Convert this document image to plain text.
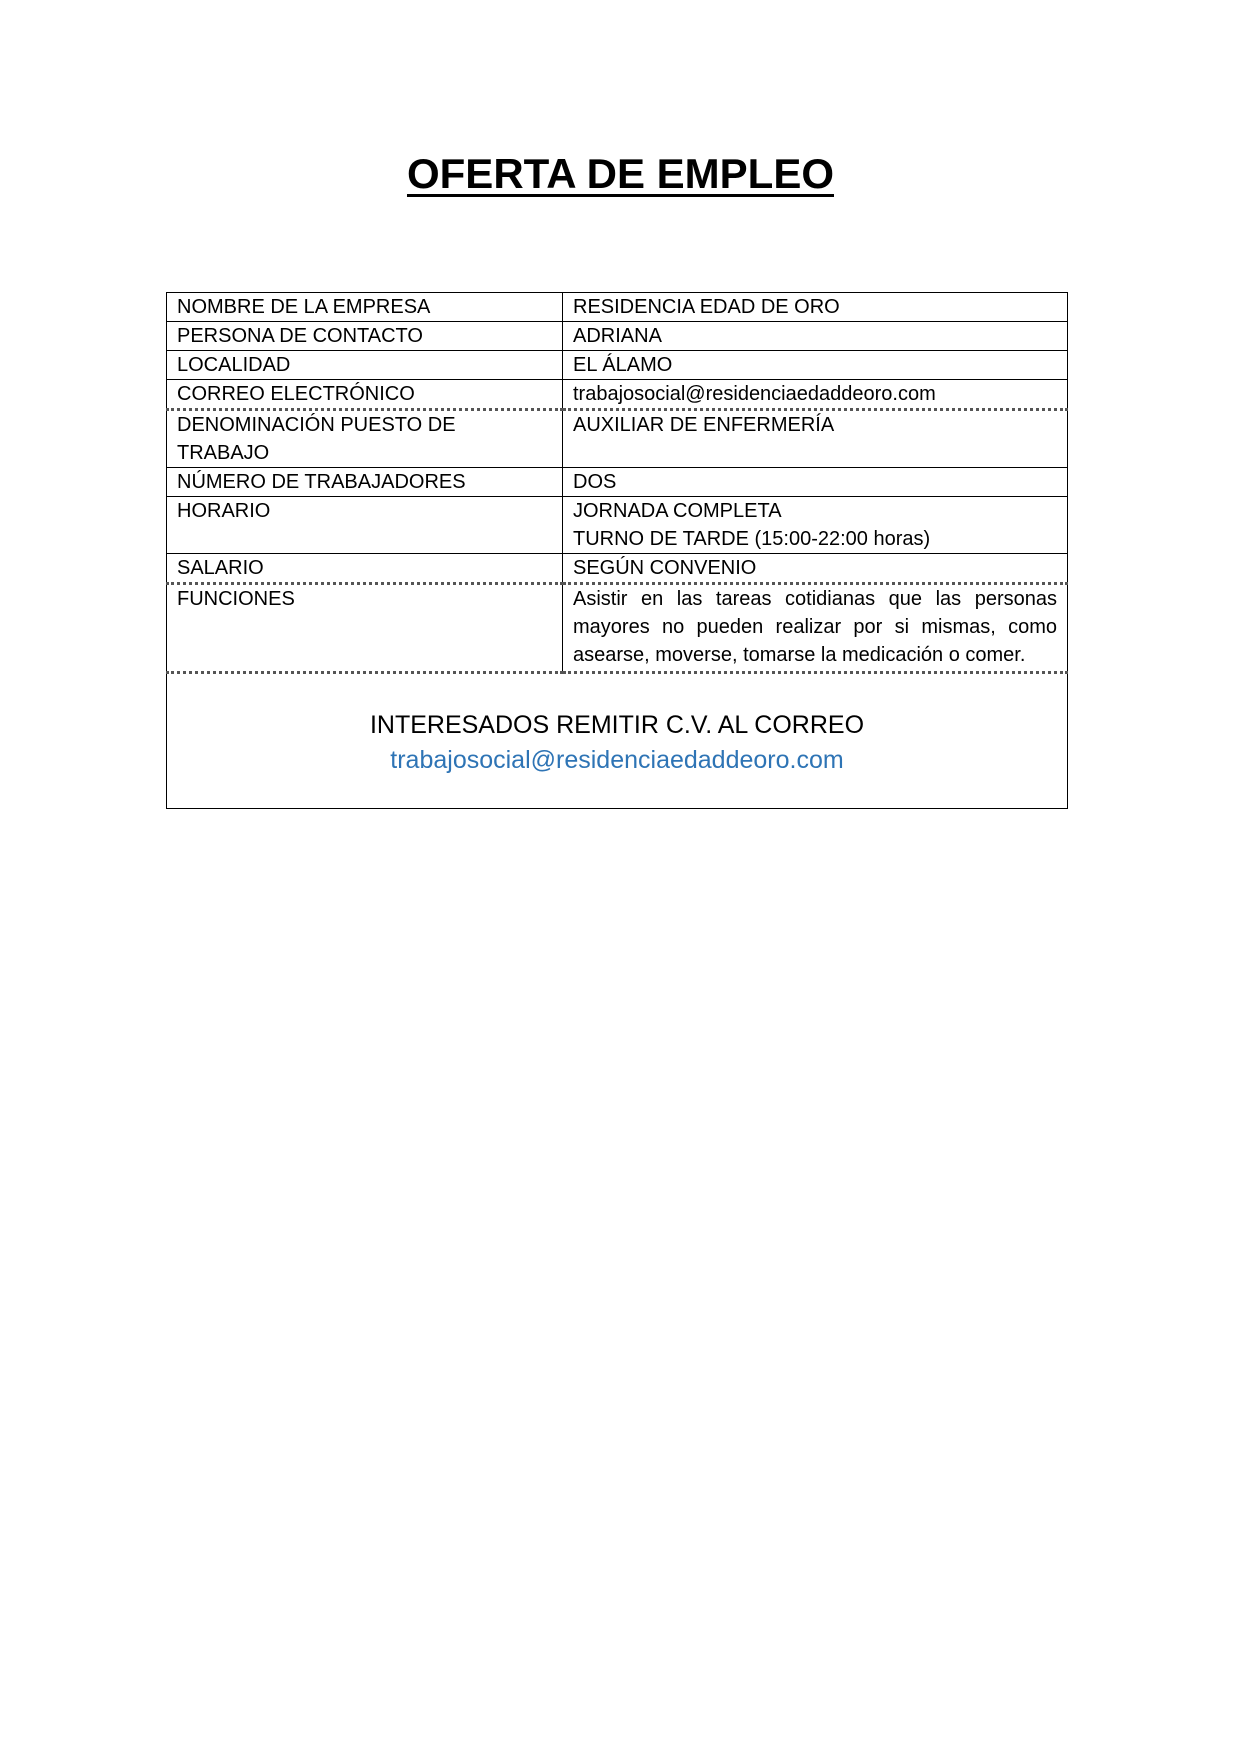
OFERTA DE EMPLEO
NOMBRE DE LA EMPRESA	RESIDENCIA EDAD DE ORO
PERSONA DE CONTACTO	ADRIANA
LOCALIDAD	EL ÁLAMO
CORREO ELECTRÓNICO	trabajosocial@residenciaedaddeoro.com
DENOMINACIÓN PUESTO DE TRABAJO	AUXILIAR DE ENFERMERÍA
NÚMERO DE TRABAJADORES	DOS
HORARIO	JORNADA COMPLETA
TURNO DE TARDE (15:00-22:00 horas)

SALARIO	SEGÚN CONVENIO
FUNCIONES	Asistir en las tareas cotidianas que las personas mayores no pueden realizar por si mismas, como asearse, moverse, tomarse la medicación o comer.

INTERESADOS REMITIR C.V. AL CORREO
trabajosocial@residenciaedaddeoro.com	
